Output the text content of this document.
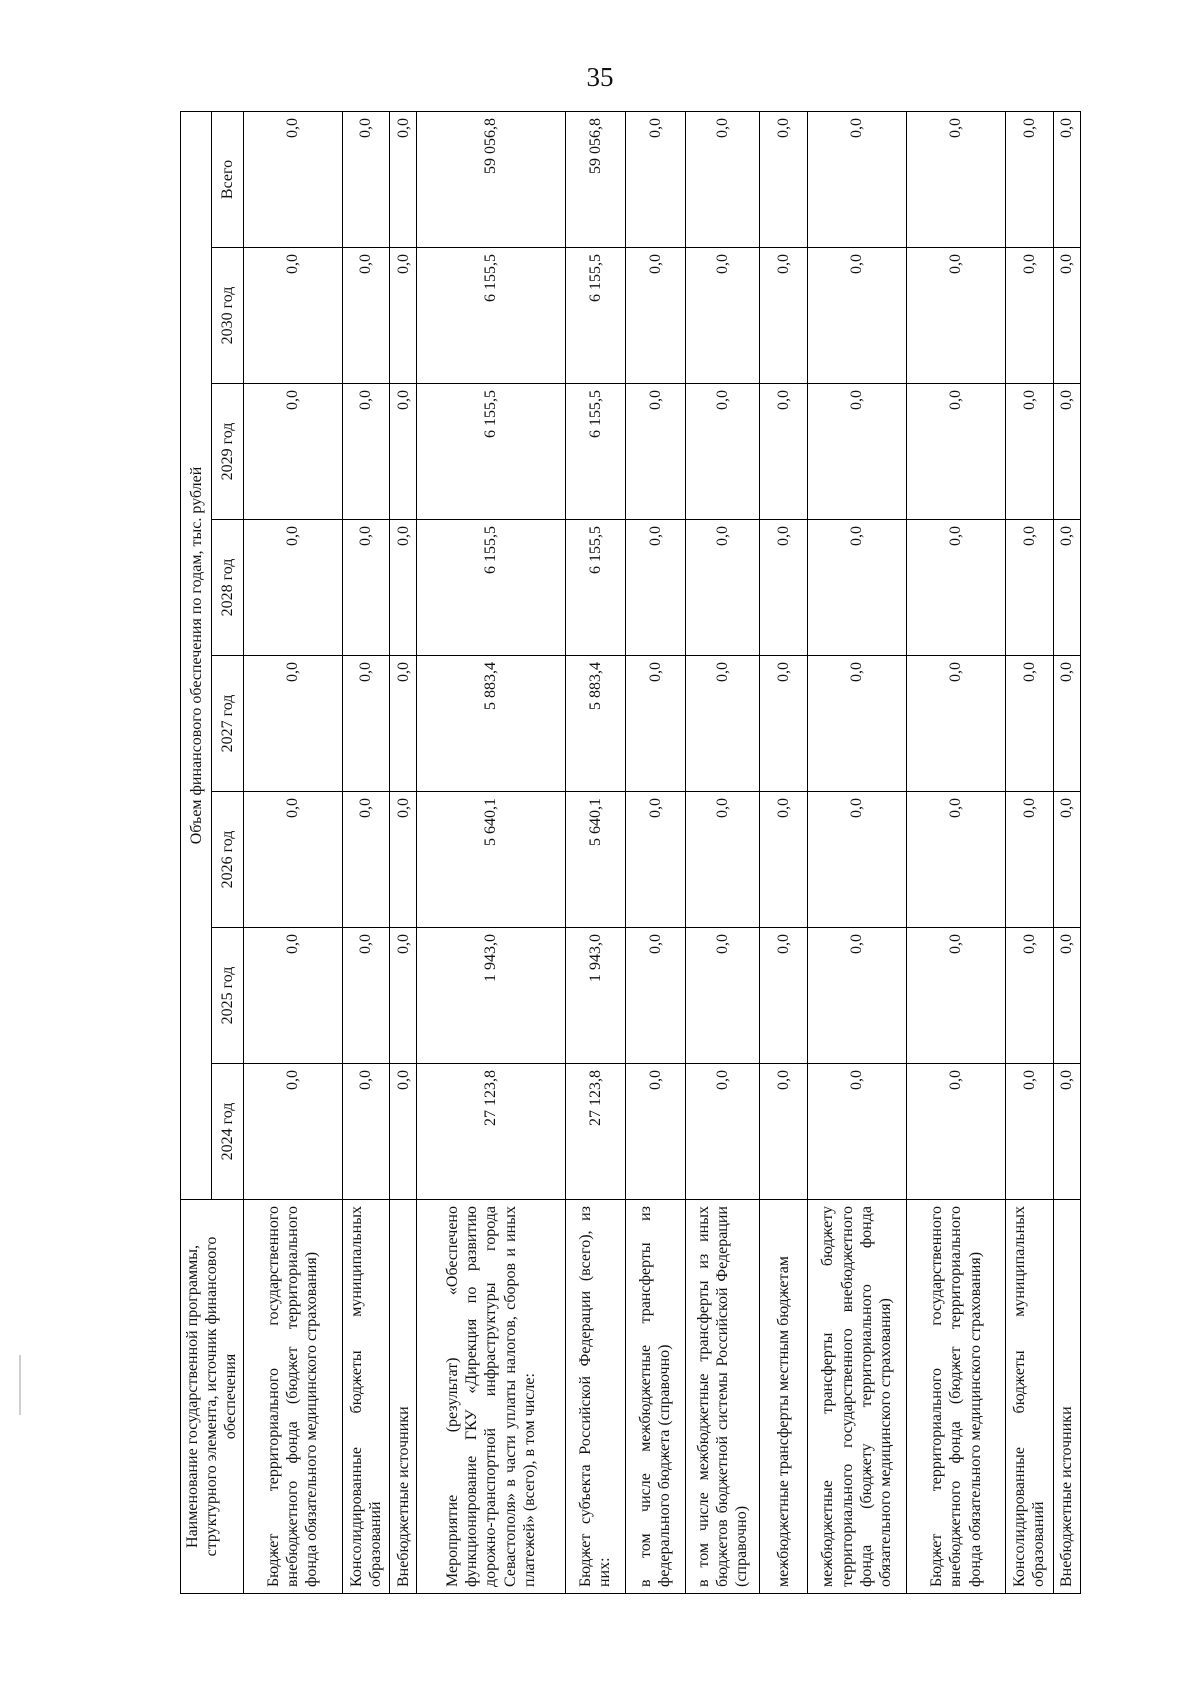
35
Наименование государственной программы, структурного элемента, источник финансового обеспечения	Объем финансового обеспечения по годам, тыс. рублей							
	2024 год	2025 год	2026 год	2027 год	2028 год	2029 год	2030 год	Всего
Бюджет территориального государственного внебюджетного фонда (бюджет территориального фонда обязательного медицинского страхования)	0,0	0,0	0,0	0,0	0,0	0,0	0,0	0,0
Консолидированные бюджеты муниципальных образований	0,0	0,0	0,0	0,0	0,0	0,0	0,0	0,0
Внебюджетные источники	0,0	0,0	0,0	0,0	0,0	0,0	0,0	0,0
Мероприятие (результат) «Обеспечено функционирование ГКУ «Дирекция по развитию дорожно-транспортной инфраструктуры города Севастополя» в части уплаты налогов, сборов и иных платежей» (всего), в том числе:	27 123,8	1 943,0	5 640,1	5 883,4	6 155,5	6 155,5	6 155,5	59 056,8
Бюджет субъекта Российской Федерации (всего), из них:	27 123,8	1 943,0	5 640,1	5 883,4	6 155,5	6 155,5	6 155,5	59 056,8
в том числе межбюджетные трансферты из федерального бюджета (справочно)	0,0	0,0	0,0	0,0	0,0	0,0	0,0	0,0
в том числе межбюджетные трансферты из иных бюджетов бюджетной системы Российской Федерации (справочно)	0,0	0,0	0,0	0,0	0,0	0,0	0,0	0,0
межбюджетные трансферты местным бюджетам	0,0	0,0	0,0	0,0	0,0	0,0	0,0	0,0
межбюджетные трансферты бюджету территориального государственного внебюджетного фонда (бюджету территориального фонда обязательного медицинского страхования)	0,0	0,0	0,0	0,0	0,0	0,0	0,0	0,0
Бюджет территориального государственного внебюджетного фонда (бюджет территориального фонда обязательного медицинского страхования)	0,0	0,0	0,0	0,0	0,0	0,0	0,0	0,0
Консолидированные бюджеты муниципальных образований	0,0	0,0	0,0	0,0	0,0	0,0	0,0	0,0
Внебюджетные источники	0,0	0,0	0,0	0,0	0,0	0,0	0,0	0,0
